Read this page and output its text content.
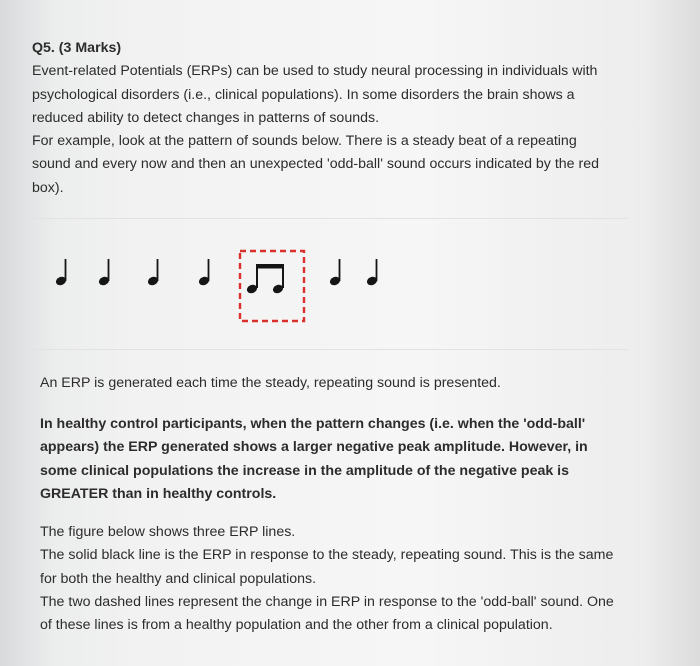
Q5. (3 Marks)
Event-related Potentials (ERPs) can be used to study neural processing in individuals with
psychological disorders (i.e., clinical populations). In some disorders the brain shows a
reduced ability to detect changes in patterns of sounds.
For example, look at the pattern of sounds below. There is a steady beat of a repeating
sound and every now and then an unexpected 'odd-ball' sound occurs indicated by the red
box).
An ERP is generated each time the steady, repeating sound is presented.
In healthy control participants, when the pattern changes (i.e. when the 'odd-ball'
appears) the ERP generated shows a larger negative peak amplitude. However, in
some clinical populations the increase in the amplitude of the negative peak is
GREATER than in healthy controls.
The figure below shows three ERP lines.
The solid black line is the ERP in response to the steady, repeating sound. This is the same
for both the healthy and clinical populations.
The two dashed lines represent the change in ERP in response to the 'odd-ball' sound. One
of these lines is from a healthy population and the other from a clinical population.
